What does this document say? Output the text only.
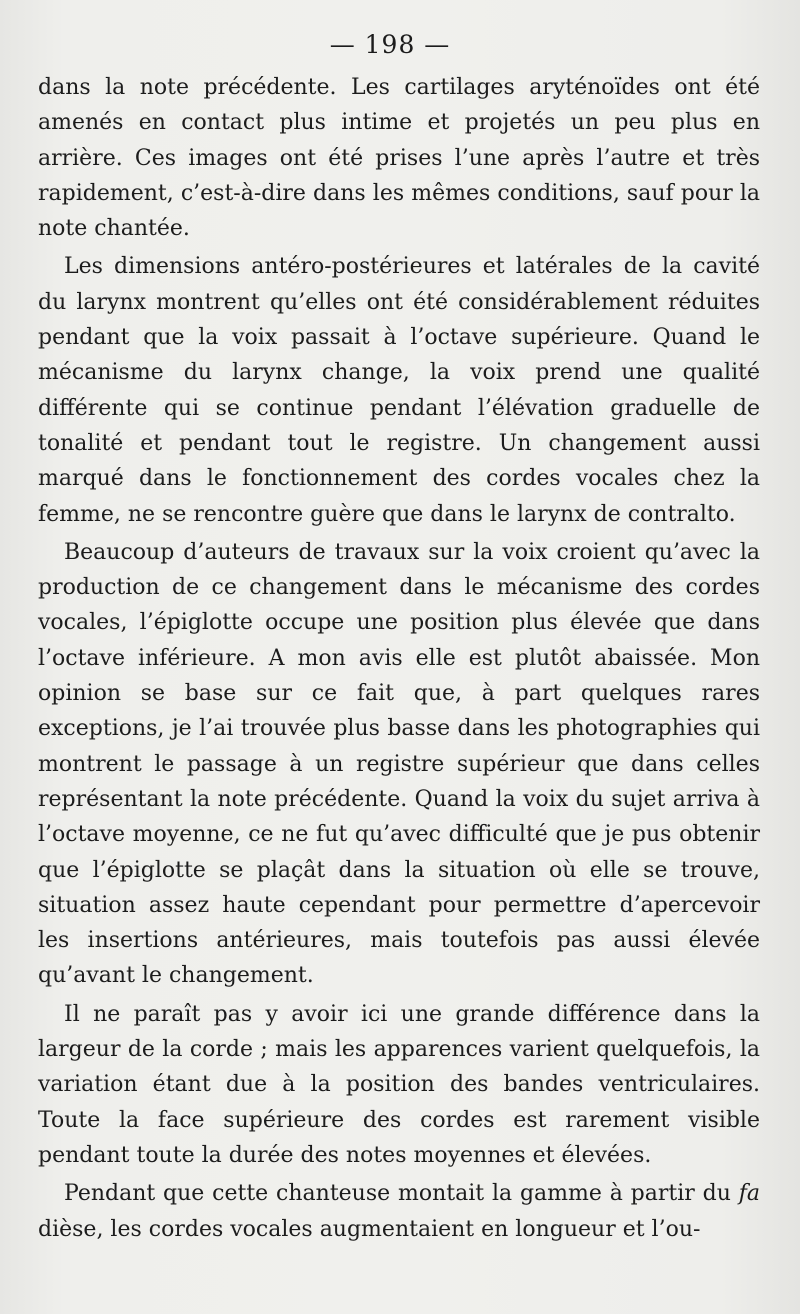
— 198 —

dans la note précédente. Les cartilages aryténoïdes ont été amenés en contact plus intime et projetés un peu plus en arrière. Ces images ont été prises l’une après l’autre et très rapidement, c’est-à-dire dans les mêmes conditions, sauf pour la note chantée.

Les dimensions antéro-postérieures et latérales de la cavité du larynx montrent qu’elles ont été considérablement réduites pendant que la voix passait à l’octave supérieure. Quand le mécanisme du larynx change, la voix prend une qualité différente qui se continue pendant l’élévation graduelle de tonalité et pendant tout le registre. Un changement aussi marqué dans le fonctionnement des cordes vocales chez la femme, ne se rencontre guère que dans le larynx de contralto.

Beaucoup d’auteurs de travaux sur la voix croient qu’avec la production de ce changement dans le mécanisme des cordes vocales, l’épiglotte occupe une position plus élevée que dans l’octave inférieure. A mon avis elle est plutôt abaissée. Mon opinion se base sur ce fait que, à part quelques rares exceptions, je l’ai trouvée plus basse dans les photographies qui montrent le passage à un registre supérieur que dans celles représentant la note précédente. Quand la voix du sujet arriva à l’octave moyenne, ce ne fut qu’avec difficulté que je pus obtenir que l’épiglotte se plaçât dans la situation où elle se trouve, situation assez haute cependant pour permettre d’apercevoir les insertions antérieures, mais toutefois pas aussi élevée qu’avant le changement.

Il ne paraît pas y avoir ici une grande différence dans la largeur de la corde ; mais les apparences varient quelquefois, la variation étant due à la position des bandes ventriculaires. Toute la face supérieure des cordes est rarement visible pendant toute la durée des notes moyennes et élevées.

Pendant que cette chanteuse montait la gamme à partir du fa dièse, les cordes vocales augmentaient en longueur et l’ou-
